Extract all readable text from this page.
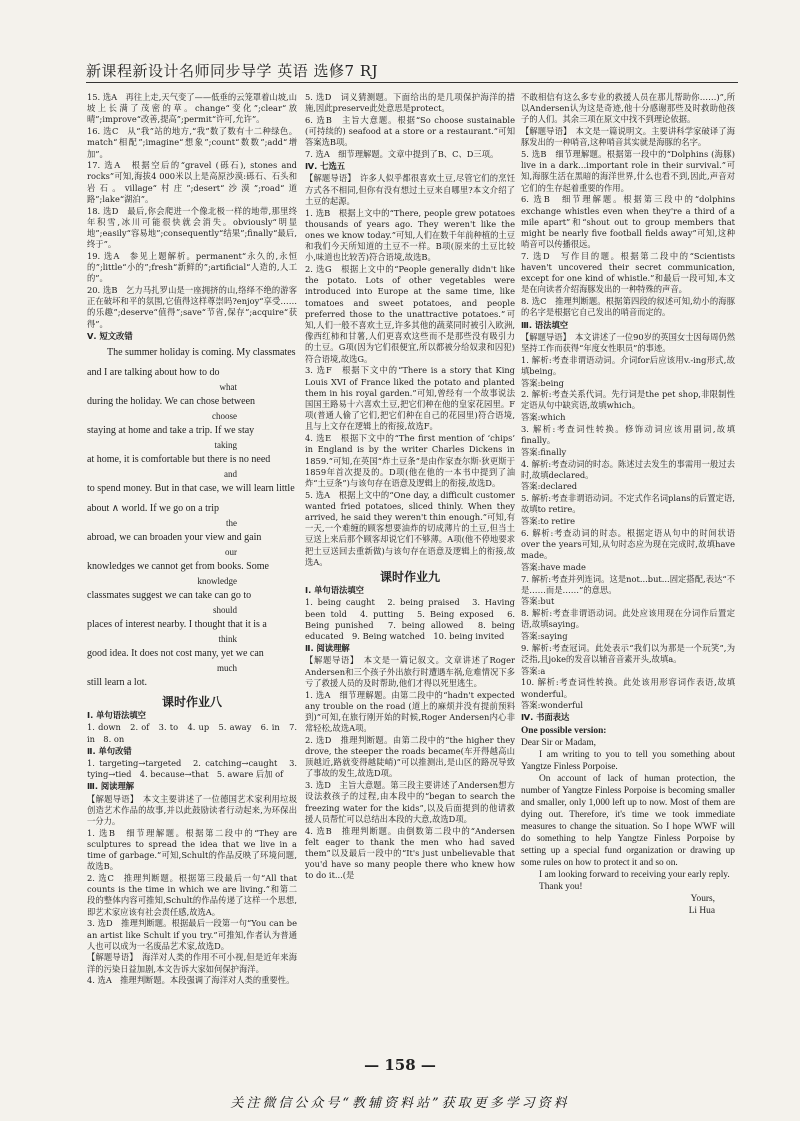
新课程新设计名师同步导学 英语 选修7 RJ
15. 选A　再往上走,天气变了——低垂的云笼罩着山坡,山坡上长满了茂密的草。change“变化”;clear“放晴”;improve“改善,提高”;permit“许可,允许”。
16. 选C　从“我”站的地方,“我”数了数有十二种绿色。match“相配”;imagine“想象”;count“数数”;add“增加”。
17. 选A　根据空后的“gravel (砾石), stones and rocks”可知,海拔4 000米以上是高原沙漠:砾石、石头和岩石。village“村庄”;desert“沙漠”;road“道路”;lake“湖泊”。
18. 选D　最后,你会爬进一个像北极一样的地带,那里终年积雪,冰川可能很快就会消失。obviously“明显地”;easily“容易地”;consequently“结果”;finally“最后,终于”。
19. 选A　参见上题解析。permanent“永久的,永恒的”;little“小的”;fresh“新鲜的”;artificial“人造的,人工的”。
20. 选B　乞力马扎罗山是一座拥挤的山,络绎不绝的游客正在破坏和平的氛围,它值得这样尊崇吗?enjoy“享受……的乐趣”;deserve“值得”;save“节省,保存”;acquire“获得”。
Ⅴ. 短文改错
　　The summer holiday is coming. My classmates and I are talking about how to do
what
during the holiday. We can chose between
choose
staying at home and take a trip. If we stay
taking
at home, it is comfortable but there is no need
and
to spend money. But in that case, we will learn little about ∧ world. If we go on a trip
the
abroad, we can broaden your view and gain
our
knowledges we cannot get from books. Some
knowledge
classmates suggest we can take can go to
should
places of interest nearby. I thought that it is a
think
good idea. It does not cost many, yet we can
much
still learn a lot.
课时作业八
Ⅰ. 单句语法填空
1. down　2. of　3. to　4. up　5. away　6. in　7. in　8. on
Ⅱ. 单句改错
1. targeting→targeted　2. catching→caught　3. tying→tied　4. because→that　5. aware 后加 of
Ⅲ. 阅读理解
【解题导语】　本文主要讲述了一位德国艺术家利用垃圾创造艺术作品的故事,并以此鼓励读者行动起来,为环保出一分力。
1. 选B　细节理解题。根据第二段中的“They are sculptures to spread the idea that we live in a time of garbage.”可知,Schult的作品反映了环境问题,故选B。
2. 选C　推理判断题。根据第三段最后一句“All that counts is the time in which we are living.”和第二段的整体内容可推知,Schult的作品传递了这样一个思想,即艺术家应该有社会责任感,故选A。
3. 选D　推理判断题。根据最后一段第一句“You can be an artist like Schult if you try.”可推知,作者认为普通人也可以成为一名废品艺术家,故选D。
【解题导语】　海洋对人类的作用不可小视,但是近年来海洋的污染日益加剧,本文告诉大家如何保护海洋。
4. 选A　推理判断题。本段强调了海洋对人类的重要性。
5. 选D　词义猜测题。下面给出的是几项保护海洋的措施,因此preserve此处意思是protect。
6. 选B　主旨大意题。根据“So choose sustainable (可持续的) seafood at a store or a restaurant.”可知答案选B项。
7. 选A　细节理解题。文章中提到了B、C、D三项。
Ⅳ. 七选五
【解题导语】　许多人似乎都很喜欢土豆,尽管它们的烹饪方式各不相同,但你有没有想过土豆来自哪里?本文介绍了土豆的起源。
1. 选B　根据上文中的“There, people grew potatoes thousands of years ago. They weren't like the ones we know today.”可知,人们在数千年前种植的土豆和我们今天所知道的土豆不一样。B项(原来的土豆比较小,味道也比较苦)符合语境,故选B。
2. 选G　根据上文中的“People generally didn't like the potato. Lots of other vegetables were introduced into Europe at the same time, like tomatoes and sweet potatoes, and people preferred those to the unattractive potatoes.”可知,人们一般不喜欢土豆,许多其他的蔬菜同时被引入欧洲,像西红柿和甘薯,人们更喜欢这些而不是那些没有吸引力的土豆。G项(因为它们很便宜,所以都被分给奴隶和囚犯)符合语境,故选G。
3. 选F　根据下文中的“There is a story that King Louis XVI of France liked the potato and planted them in his royal garden.”可知,曾经有一个故事说法国国王路易十六喜欢土豆,把它们种在他的皇家花园里。F项(普通人偷了它们,把它们种在自己的花园里)符合语境,且与上文存在逻辑上的衔接,故选F。
4. 选E　根据下文中的“The first mention of ‘chips’ in England is by the writer Charles Dickens in 1859.”可知,在英国“炸土豆条”是由作家查尔斯·狄更斯于1859年首次提及的。D项(他在他的一本书中提到了油炸“土豆条”)与该句存在语意及逻辑上的衔接,故选D。
5. 选A　根据上文中的“One day, a difficult customer wanted fried potatoes, sliced thinly. When they arrived, he said they weren't thin enough.”可知,有一天,一个难缠的顾客想要油炸的切成薄片的土豆,但当土豆送上来后那个顾客却说它们不够薄。A项(他不停地要求把土豆送回去重新做)与该句存在语意及逻辑上的衔接,故选A。
课时作业九
Ⅰ. 单句语法填空
1. being caught　2. being praised　3. Having been told　4. putting　5. Being exposed　6. Being punished　7. being allowed　8. being educated　9. Being watched　10. being invited
Ⅱ. 阅读理解
【解题导语】　本文是一篇记叙文。文章讲述了Roger Andersen和三个孩子外出旅行时遭遇车祸,危难情况下多亏了救援人员的及时帮助,他们才得以死里逃生。
1. 选A　细节理解题。由第二段中的“hadn't expected any trouble on the road (道上的麻烦并没有提前预料到)”可知,在旅行刚开始的时候,Roger Andersen内心非常轻松,故选A项。
2. 选D　推理判断题。由第二段中的“the higher they drove, the steeper the roads became(车开得越高山顶越近,路就变得越陡峭)”可以推测出,是山区的路况导致了事故的发生,故选D项。
3. 选D　主旨大意题。第三段主要讲述了Andersen想方设法救孩子的过程,由本段中的“began to search the freezing water for the kids”,以及后面提到的他请救援人员帮忙可以总结出本段的大意,故选D项。
4. 选B　推理判断题。由倒数第二段中的“Andersen felt eager to thank the men who had saved them”以及最后一段中的“It's just unbelievable that you'd have so many people there who knew how to do it...(是
不敢相信有这么多专业的救援人员在那儿帮助你……)”,所以Andersen认为这是奇迹,他十分感谢那些及时救助他孩子的人们。其余三项在原文中找不到理论依据。
【解题导语】　本文是一篇说明文。主要讲科学家破译了海豚发出的一种哨音,这种哨音其实就是海豚的名字。
5. 选B　细节理解题。根据第一段中的“Dolphins (海豚) live in a dark…important role in their survival.”可知,海豚生活在黑暗的海洋世界,什么也看不到,因此,声音对它们的生存起着重要的作用。
6. 选B　细节理解题。根据第三段中的“dolphins exchange whistles even when they're a third of a mile apart”和“shout out to group members that might be nearly five football fields away”可知,这种哨音可以传播很远。
7. 选D　写作目的题。根据第二段中的“Scientists haven't uncovered their secret communication, except for one kind of whistle.”和最后一段可知,本文是在向读者介绍海豚发出的一种特殊的声音。
8. 选C　推理判断题。根据第四段的叙述可知,幼小的海豚的名字是根据它自己发出的哨音而定的。
Ⅲ. 语法填空
【解题导语】　本文讲述了一位90岁的英国女士因每周仍然坚持工作而获得“年度女性职员”的事迹。
1. 解析:考查非谓语动词。介词for后应该用v.-ing形式,故填being。
答案:being
2. 解析:考查关系代词。先行词是the pet shop,非限制性定语从句中缺宾语,故填which。
答案:which
3. 解析:考查词性转换。修饰动词应该用副词,故填finally。
答案:finally
4. 解析:考查动词的时态。陈述过去发生的事需用一般过去时,故填declared。
答案:declared
5. 解析:考查非谓语动词。不定式作名词plans的后置定语,故填to retire。
答案:to retire
6. 解析:考查动词的时态。根据定语从句中的时间状语over the years可知,从句时态应为现在完成时,故填have made。
答案:have made
7. 解析:考查并列连词。这是not...but...固定搭配,表达“不是……而是……”的意思。
答案:but
8. 解析:考查非谓语动词。此处应该用现在分词作后置定语,故填saying。
答案:saying
9. 解析:考查冠词。此处表示“我们以为那是一个玩笑”,为泛指,且joke的发音以辅音音素开头,故填a。
答案:a
10. 解析:考查词性转换。此处该用形容词作表语,故填wonderful。
答案:wonderful
Ⅳ. 书面表达
One possible version:
Dear Sir or Madam,
I am writing to you to tell you something about Yangtze Finless Porpoise.
On account of lack of human protection, the number of Yangtze Finless Porpoise is becoming smaller and smaller, only 1,000 left up to now. Most of them are dying out. Therefore, it's time we took immediate measures to change the situation. So I hope WWF will do something to help Yangtze Finless Porpoise by setting up a special fund organization or drawing up some rules on how to protect it and so on.
I am looking forward to receiving your early reply.
Thank you!
Yours,
Li Hua
— 158 —
关注微信公众号“教辅资料站”获取更多学习资料
